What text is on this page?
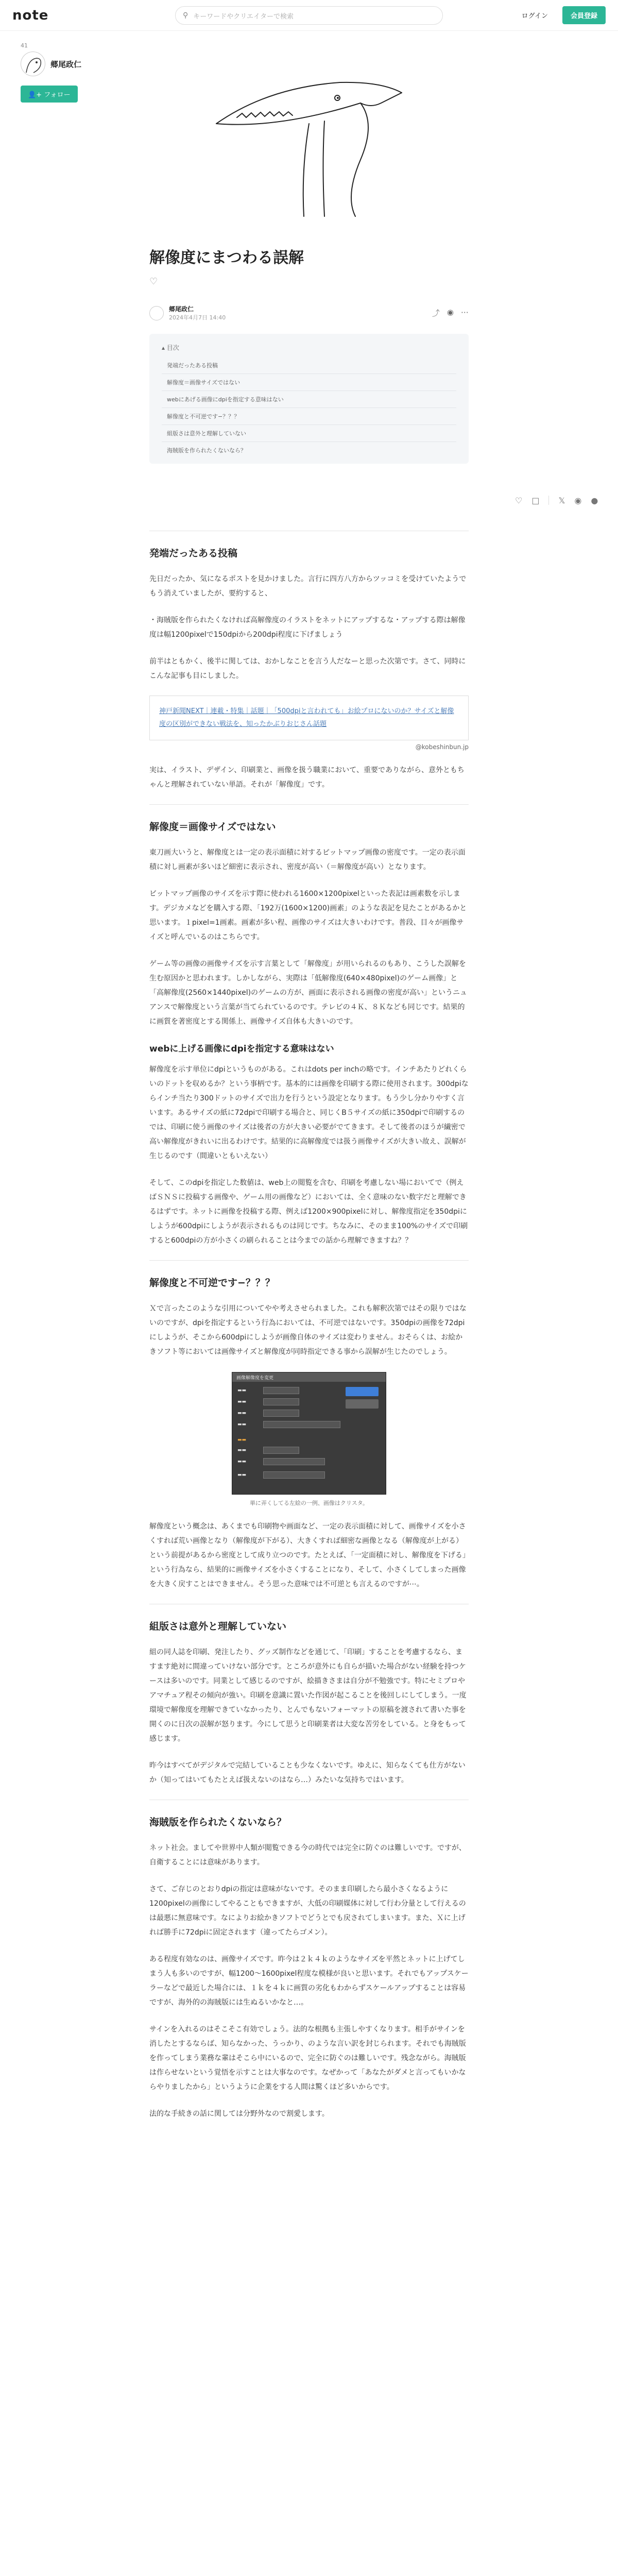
note	⚲ キーワードやクリエイターで検索	ログイン	会員登録
41
郷尾政仁
👤+ フォロー
♡ □ 𝕏 ◉ ●
解像度にまつわる誤解
♡
郷尾政仁
2024年4月7日 14:40	⤴ ◉ ⋯
▴ 目次
発端だったある投稿
解像度＝画像サイズではない
webにあげる画像にdpiを指定する意味はない
解像度と不可逆です−？？？
組版さは意外と理解していない
海賊版を作られたくないなら？
発端だったある投稿

先日だったか、気になるポストを見かけました。言行に四方八方からツッコミを受けていたようでもう消えていましたが、要約すると、

・海賊版を作られたくなければ高解像度のイラストをネットにアップするな・アップする際は解像度は幅1200pixelで150dpiから200dpi程度に下げましょう

前半はともかく、後半に関しては、おかしなことを言う人だなーと思った次第です。さて、同時にこんな記事も目にしました。

神戸新聞NEXT｜連載・特集｜話題｜「500dpiと言われても」お絵プロにないのか？サイズと解像度の区別ができない戦法を、知ったかぶりおじさん話題
@kobeshinbun.jp

実は、イラスト、デザイン、印刷業と、画像を扱う職業において、重要でありながら、意外ともちゃんと理解されていない単語。それが「解像度」です。

解像度＝画像サイズではない

東刀画大いうと、解像度とは一定の表示面積に対するピットマップ画像の密度です。一定の表示面積に対し画素が多いほど細密に表示され、密度が高い（＝解像度が高い）となります。

ビットマップ画像のサイズを示す際に使われる1600×1200pixelといった表記は画素数を示します。デジカメなどを購入する際、「192万(1600×1200)画素」のような表記を見たことがあるかと思います。１pixel=1画素。画素が多い程、画像のサイズは大きいわけです。普段、目々が画像サイズと呼んでいるのはこちらです。

ゲーム等の画像の画像サイズを示す言葉として「解像度」が用いられるのもあり、こうした誤解を生む原因かと思われます。しかしながら、実際は「低解像度(640×480pixel)のゲーム画像」と「高解像度(2560×1440pixel)のゲームの方が、画面に表示される画像の密度が高い」というニュアンスで解像度という言葉が当てられているのです。テレビの４Ｋ、８Ｋなども同じです。結果的に画質を著密度とする関係上、画像サイズ自体も大きいのです。

webに上げる画像にdpiを指定する意味はない

解像度を示す単位にdpiというものがある。これはdots per inchの略です。インチあたりどれくらいのドットを収めるか？という事柄です。基本的には画像を印刷する際に使用されます。300dpiならインチ当たり300ドットのサイズで出力を行うという設定となります。もう少し分かりやすく言います。あるサイズの紙に72dpiで印刷する場合と、同じくB５サイズの紙に350dpiで印刷するのでは、印刷に使う画像のサイズは後者の方が大きい必要がでてきます。そして後者のほうが繊密で高い解像度がきれいに出るわけです。結果的に高解像度では扱う画像サイズが大きい故え、誤解が生じるのです（間違いともいえない）

そして、このdpiを指定した数値は、web上の閲覧を含む、印刷を考慮しない場においてで（例えばＳＮＳに投稿する画像や、ゲーム用の画像など）においては、全く意味のない数字だと理解できるはずです。ネットに画像を投稿する際、例えば1200×900pixelに対し、解像度指定を350dpiにしようが600dpiにしようが表示されるものは同じです。ちなみに、そのまま100%のサイズで印刷すると600dpiの方が小さくの刷られることは今までの話から理解できますね？？

解像度と不可逆です−？？？

Ｘで言ったこのような引用についてやや考えさせられました。これも解釈次第ではその限りではないのですが、dpiを指定するという行為においては、不可逆ではないです。350dpiの画像を72dpiにしようが、そこから600dpiにしようが画像自体のサイズは変わりません。おそらくは、お絵かきソフト等においては画像サイズと解像度が同時指定できる事から誤解が生じたのでしょう。

画像解像度を変更
▬▬
▬▬
▬▬
▬▬
▬▬
▬▬
▬▬
▬▬
単に弄くしてる左絵の一例、画像はクリスタ。

解像度という概念は、あくまでも印刷物や画面など、一定の表示面積に対して、画像サイズを小さくすれば荒い画像となり（解像度が下がる）、大きくすれば細密な画像となる（解像度が上がる）という前提があるから密度として成り立つのです。たとえば、「一定面積に対し、解像度を下げる」という行為なら、結果的に画像サイズを小さくすることになり、そして、小さくしてしまった画像を大きく戻すことはできません。そう思った意味では不可逆とも言えるのですが⋯。

組版さは意外と理解していない

組の同人誌を印刷、発注したり、グッズ制作などを通じて、「印刷」することを考慮するなら、ますます絶対に間違っていけない部分です。ところが意外にも自らが描いた場合がない経験を持つケースは多いのです。同業として感じるのですが、絵描きさまは自分が不勉強です。特にセミプロやアマチュア程その傾向が強い。印刷を意識に置いた作図が起こることを後回しにしてしまう。一度環境で解像度を理解できていなかったり、とんでもないフォーマットの原稿を渡されて書いた事を開くのに日次の誤解が怒ります。今にして思うと印刷業者は大変な苦労をしている。と身をもって感じます。

昨今はすべてがデジタルで完結していることも少なくないです。ゆえに、知らなくても仕方がないか（知ってはいてもたとえば扱えないのはなら…）みたいな気持ちではいます。

海賊版を作られたくないなら？

ネット社会。ましてや世界中人類が閲覧できる今の時代では完全に防ぐのは難しいです。ですが、自衛することには意味があります。

さて、ご存じのとおりdpiの指定は意味がないです。そのまま印刷したら最小さくなるように1200pixelの画像にしてやることもできますが、大低の印刷媒体に対して行わ分量として行えるのは最悪に無意味です。なによりお絵かきソフトでどうとでも戻されてしまいます。また、Ｘに上げれば勝手に72dpiに固定されます（違ってたらゴメン）。

ある程度有効なのは、画像サイズです。昨今は２ｋ４ｋのようなサイズを平然とネットに上げてしまう人も多いのですが、幅1200〜1600pixel程度な模様が良いと思います。それでもアップスケーラーなどで最近した場合には、１ｋを４ｋに画質の劣化もわからずスケールアップすることは容易ですが、海外的の海賊版には生ぬるいかなと…。

サインを入れるのはそこそこ有効でしょう。法的な根拠も主張しやすくなります。相手がサインを消したとするならば、知らなかった、うっかり、のような言い訳を封じられます。それでも海賊版を作ってしまう業務な輩はそこら中にいるので、完全に防ぐのは難しいです。残念ながら。海賊版は作らせないという覚悟を示すことは大事なのです。なぜかって「あなたがダメと言ってもいかならやりましたから」というように企業をする人間は驚くほど多いからです。

法的な手続きの話に関しては分野外なので割愛します。
